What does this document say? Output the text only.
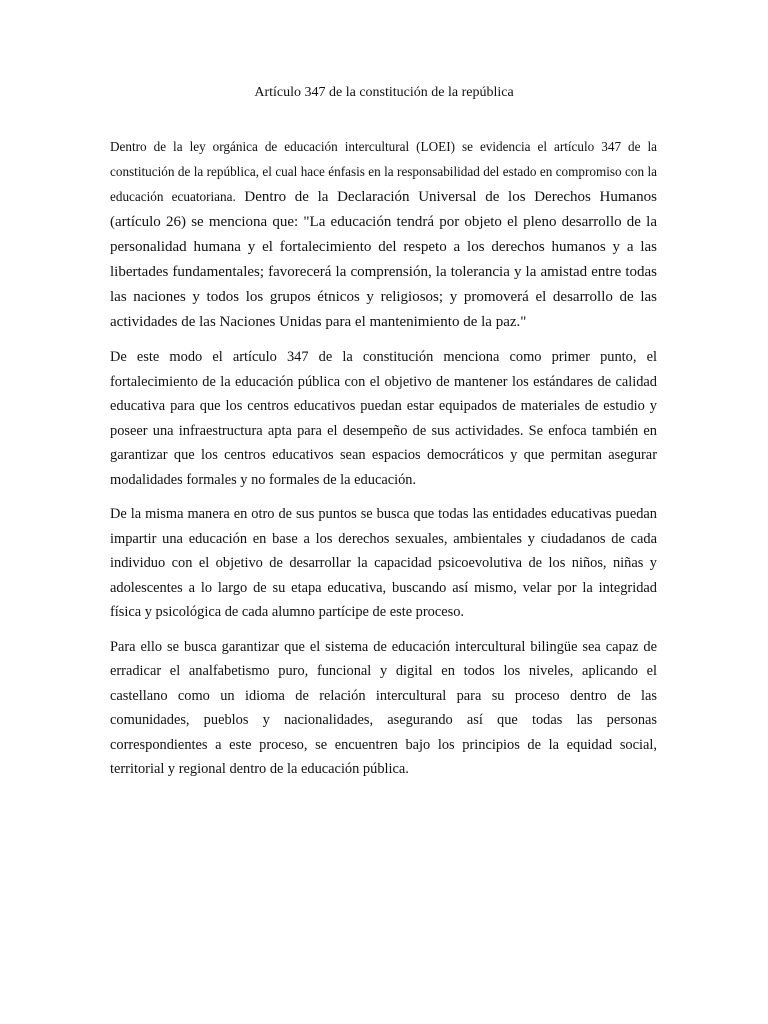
Artículo 347 de la constitución de la república

Dentro de la ley orgánica de educación intercultural (LOEI) se evidencia el artículo 347 de la constitución de la república, el cual hace énfasis en la responsabilidad del estado en compromiso con la educación ecuatoriana. Dentro de la Declaración Universal de los Derechos Humanos (artículo 26) se menciona que: "La educación tendrá por objeto el pleno desarrollo de la personalidad humana y el fortalecimiento del respeto a los derechos humanos y a las libertades fundamentales; favorecerá la comprensión, la tolerancia y la amistad entre todas las naciones y todos los grupos étnicos y religiosos; y promoverá el desarrollo de las actividades de las Naciones Unidas para el mantenimiento de la paz."

De este modo el artículo 347 de la constitución menciona como primer punto, el fortalecimiento de la educación pública con el objetivo de mantener los estándares de calidad educativa para que los centros educativos puedan estar equipados de materiales de estudio y poseer una infraestructura apta para el desempeño de sus actividades. Se enfoca también en garantizar que los centros educativos sean espacios democráticos y que permitan asegurar modalidades formales y no formales de la educación.

De la misma manera en otro de sus puntos se busca que todas las entidades educativas puedan impartir una educación en base a los derechos sexuales, ambientales y ciudadanos de cada individuo con el objetivo de desarrollar la capacidad psicoevolutiva de los niños, niñas y adolescentes a lo largo de su etapa educativa, buscando así mismo, velar por la integridad física y psicológica de cada alumno partícipe de este proceso.

Para ello se busca garantizar que el sistema de educación intercultural bilingüe sea capaz de erradicar el analfabetismo puro, funcional y digital en todos los niveles, aplicando el castellano como un idioma de relación intercultural para su proceso dentro de las comunidades, pueblos y nacionalidades, asegurando así que todas las personas correspondientes a este proceso, se encuentren bajo los principios de la equidad social, territorial y regional dentro de la educación pública.
